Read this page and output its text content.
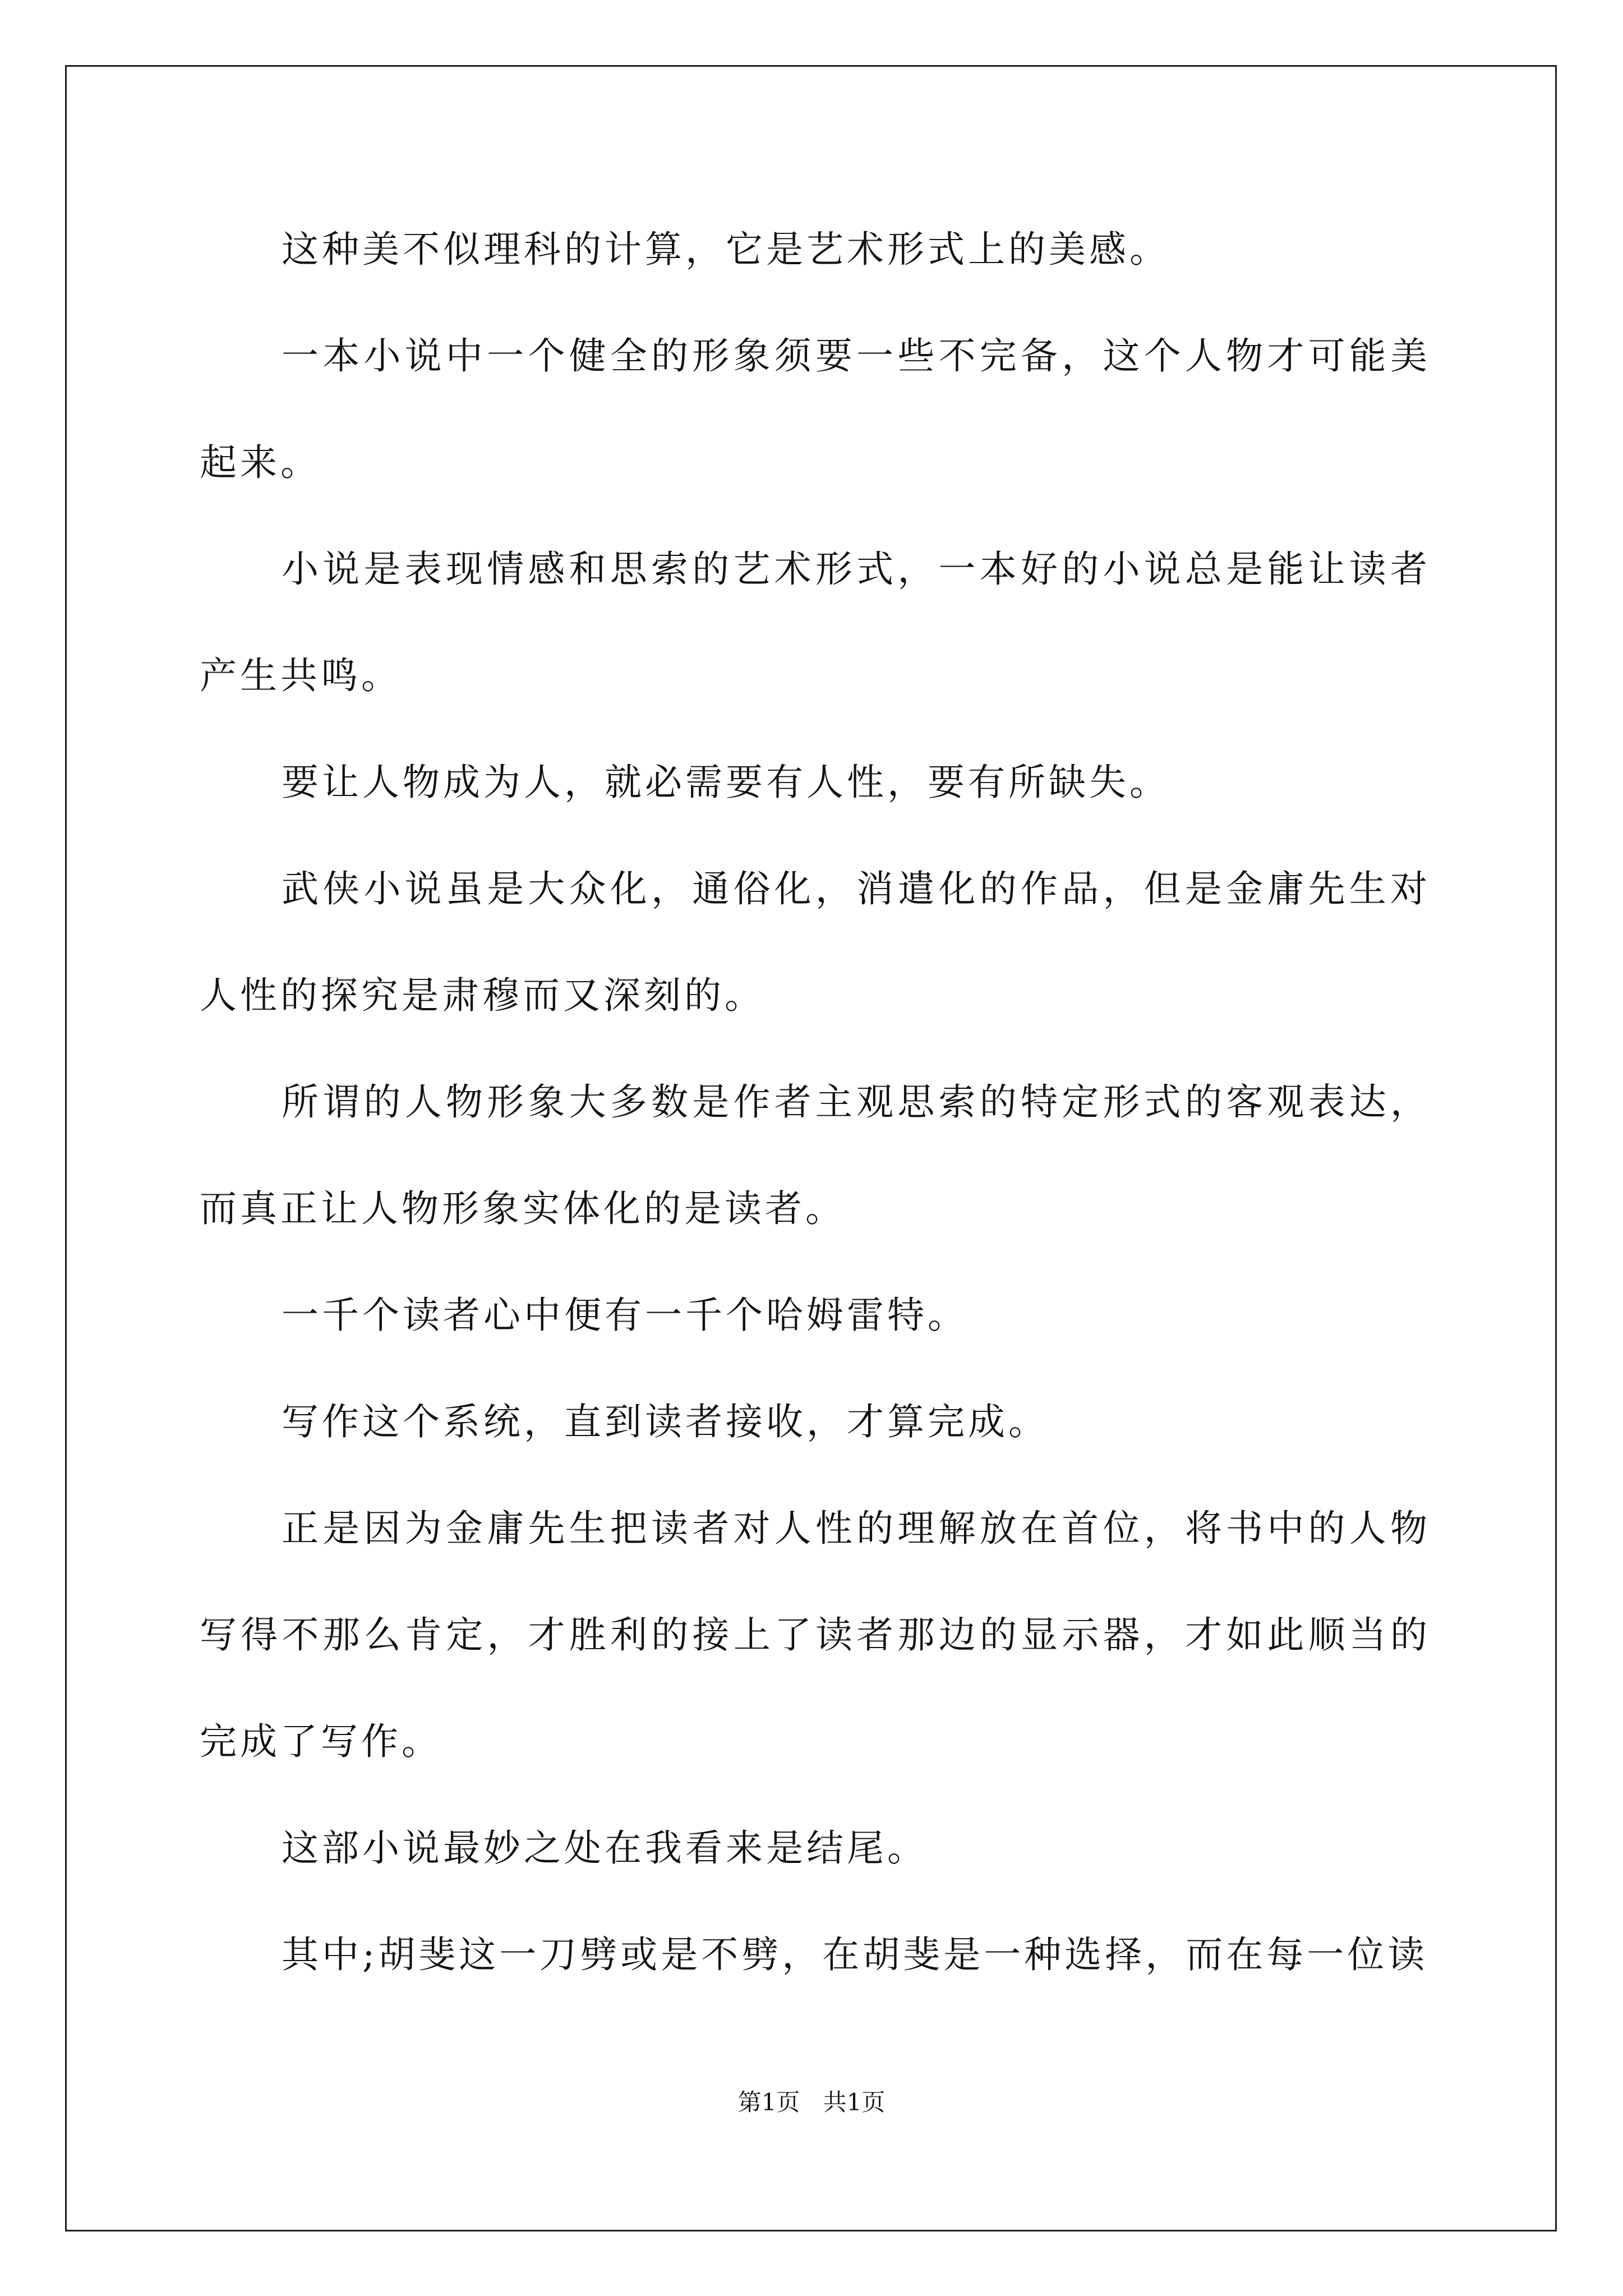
这种美不似理科的计算，它是艺术形式上的美感。

一本小说中一个健全的形象须要一些不完备，这个人物才可能美起来。

小说是表现情感和思索的艺术形式，一本好的小说总是能让读者产生共鸣。

要让人物成为人，就必需要有人性，要有所缺失。

武侠小说虽是大众化，通俗化，消遣化的作品，但是金庸先生对人性的探究是肃穆而又深刻的。

所谓的人物形象大多数是作者主观思索的特定形式的客观表达，而真正让人物形象实体化的是读者。

一千个读者心中便有一千个哈姆雷特。

写作这个系统，直到读者接收，才算完成。

正是因为金庸先生把读者对人性的理解放在首位，将书中的人物写得不那么肯定，才胜利的接上了读者那边的显示器，才如此顺当的完成了写作。

这部小说最妙之处在我看来是结尾。

其中;胡斐这一刀劈或是不劈，在胡斐是一种选择，而在每一位读

第1页 共1页
